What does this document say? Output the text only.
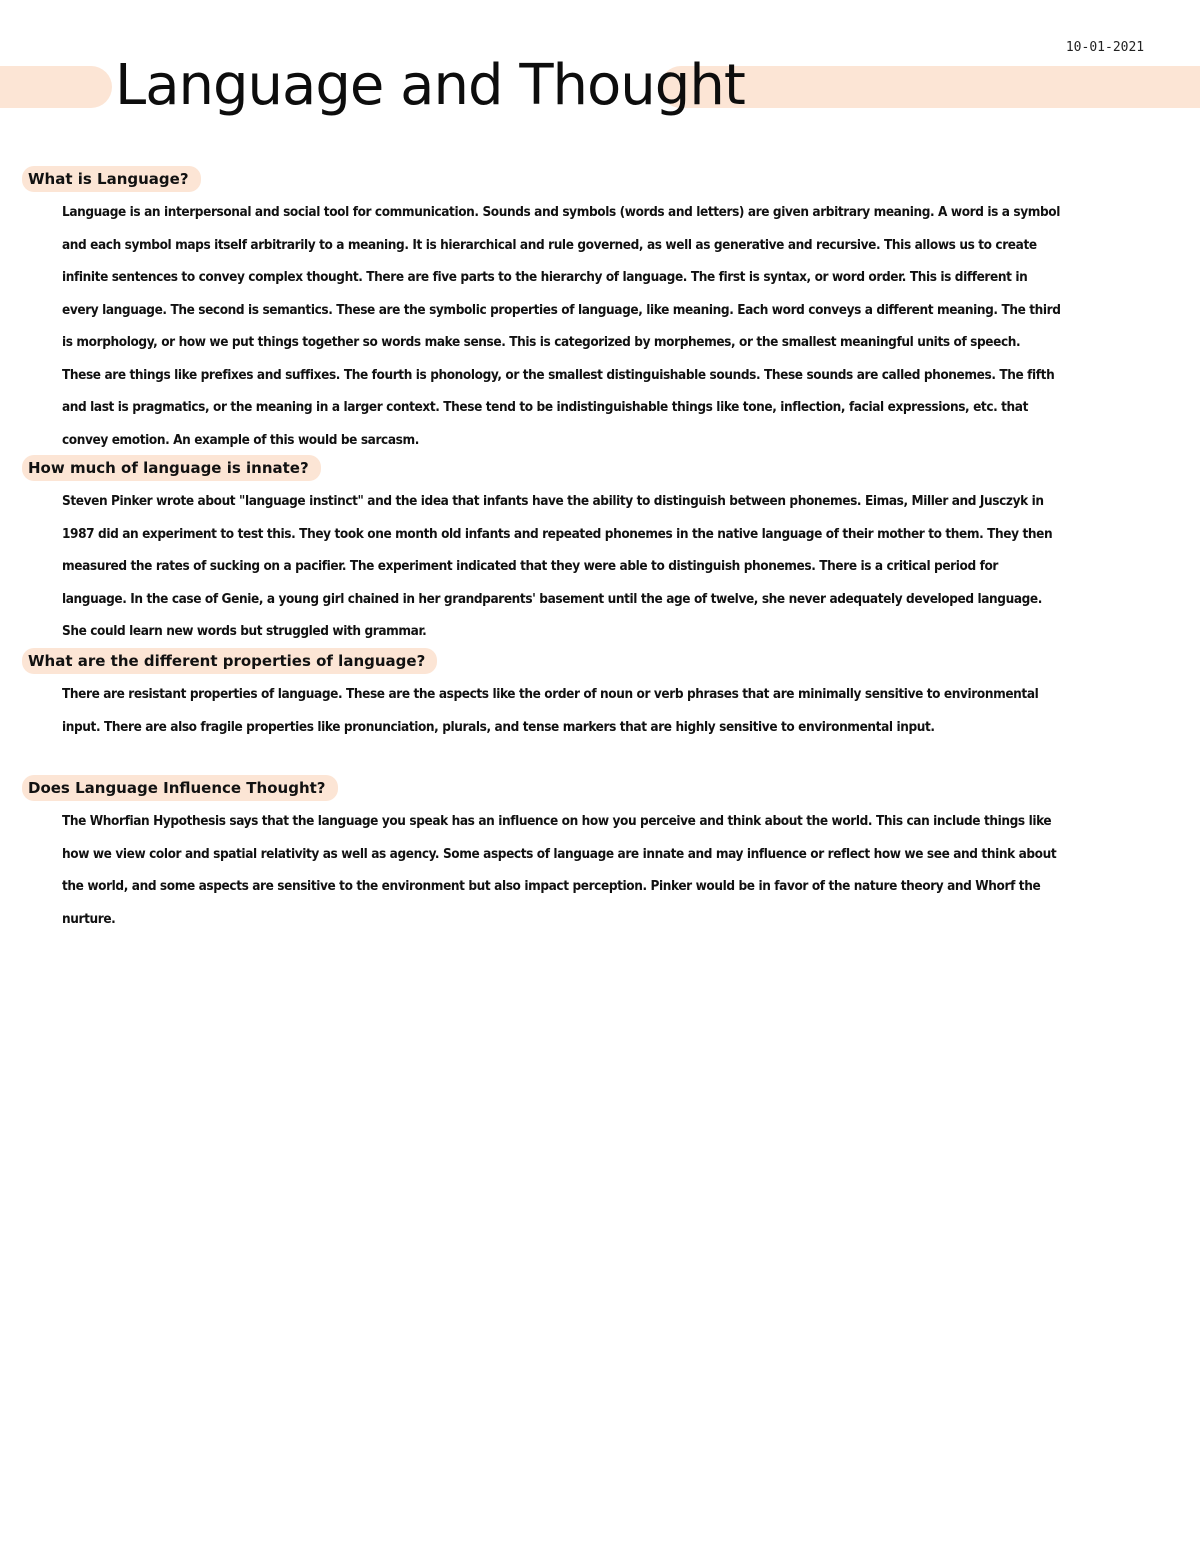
10-01-2021
Language and Thought
What is Language?
Language is an interpersonal and social tool for communication. Sounds and symbols (words and letters) are given arbitrary meaning. A word is a symbol and each symbol maps itself arbitrarily to a meaning. It is hierarchical and rule governed, as well as generative and recursive. This allows us to create infinite sentences to convey complex thought. There are five parts to the hierarchy of language. The first is syntax, or word order. This is different in every language. The second is semantics. These are the symbolic properties of language, like meaning. Each word conveys a different meaning. The third is morphology, or how we put things together so words make sense. This is categorized by morphemes, or the smallest meaningful units of speech. These are things like prefixes and suffixes. The fourth is phonology, or the smallest distinguishable sounds. These sounds are called phonemes. The fifth and last is pragmatics, or the meaning in a larger context. These tend to be indistinguishable things like tone, inflection, facial expressions, etc. that convey emotion. An example of this would be sarcasm.
How much of language is innate?
Steven Pinker wrote about "language instinct" and the idea that infants have the ability to distinguish between phonemes. Eimas, Miller and Jusczyk in 1987 did an experiment to test this. They took one month old infants and repeated phonemes in the native language of their mother to them. They then measured the rates of sucking on a pacifier. The experiment indicated that they were able to distinguish phonemes. There is a critical period for language. In the case of Genie, a young girl chained in her grandparents' basement until the age of twelve, she never adequately developed language. She could learn new words but struggled with grammar.
What are the different properties of language?
There are resistant properties of language. These are the aspects like the order of noun or verb phrases that are minimally sensitive to environmental input. There are also fragile properties like pronunciation, plurals, and tense markers that are highly sensitive to environmental input.
Does Language Influence Thought?
The Whorfian Hypothesis says that the language you speak has an influence on how you perceive and think about the world. This can include things like how we view color and spatial relativity as well as agency. Some aspects of language are innate and may influence or reflect how we see and think about the world, and some aspects are sensitive to the environment but also impact perception. Pinker would be in favor of the nature theory and Whorf the nurture.
